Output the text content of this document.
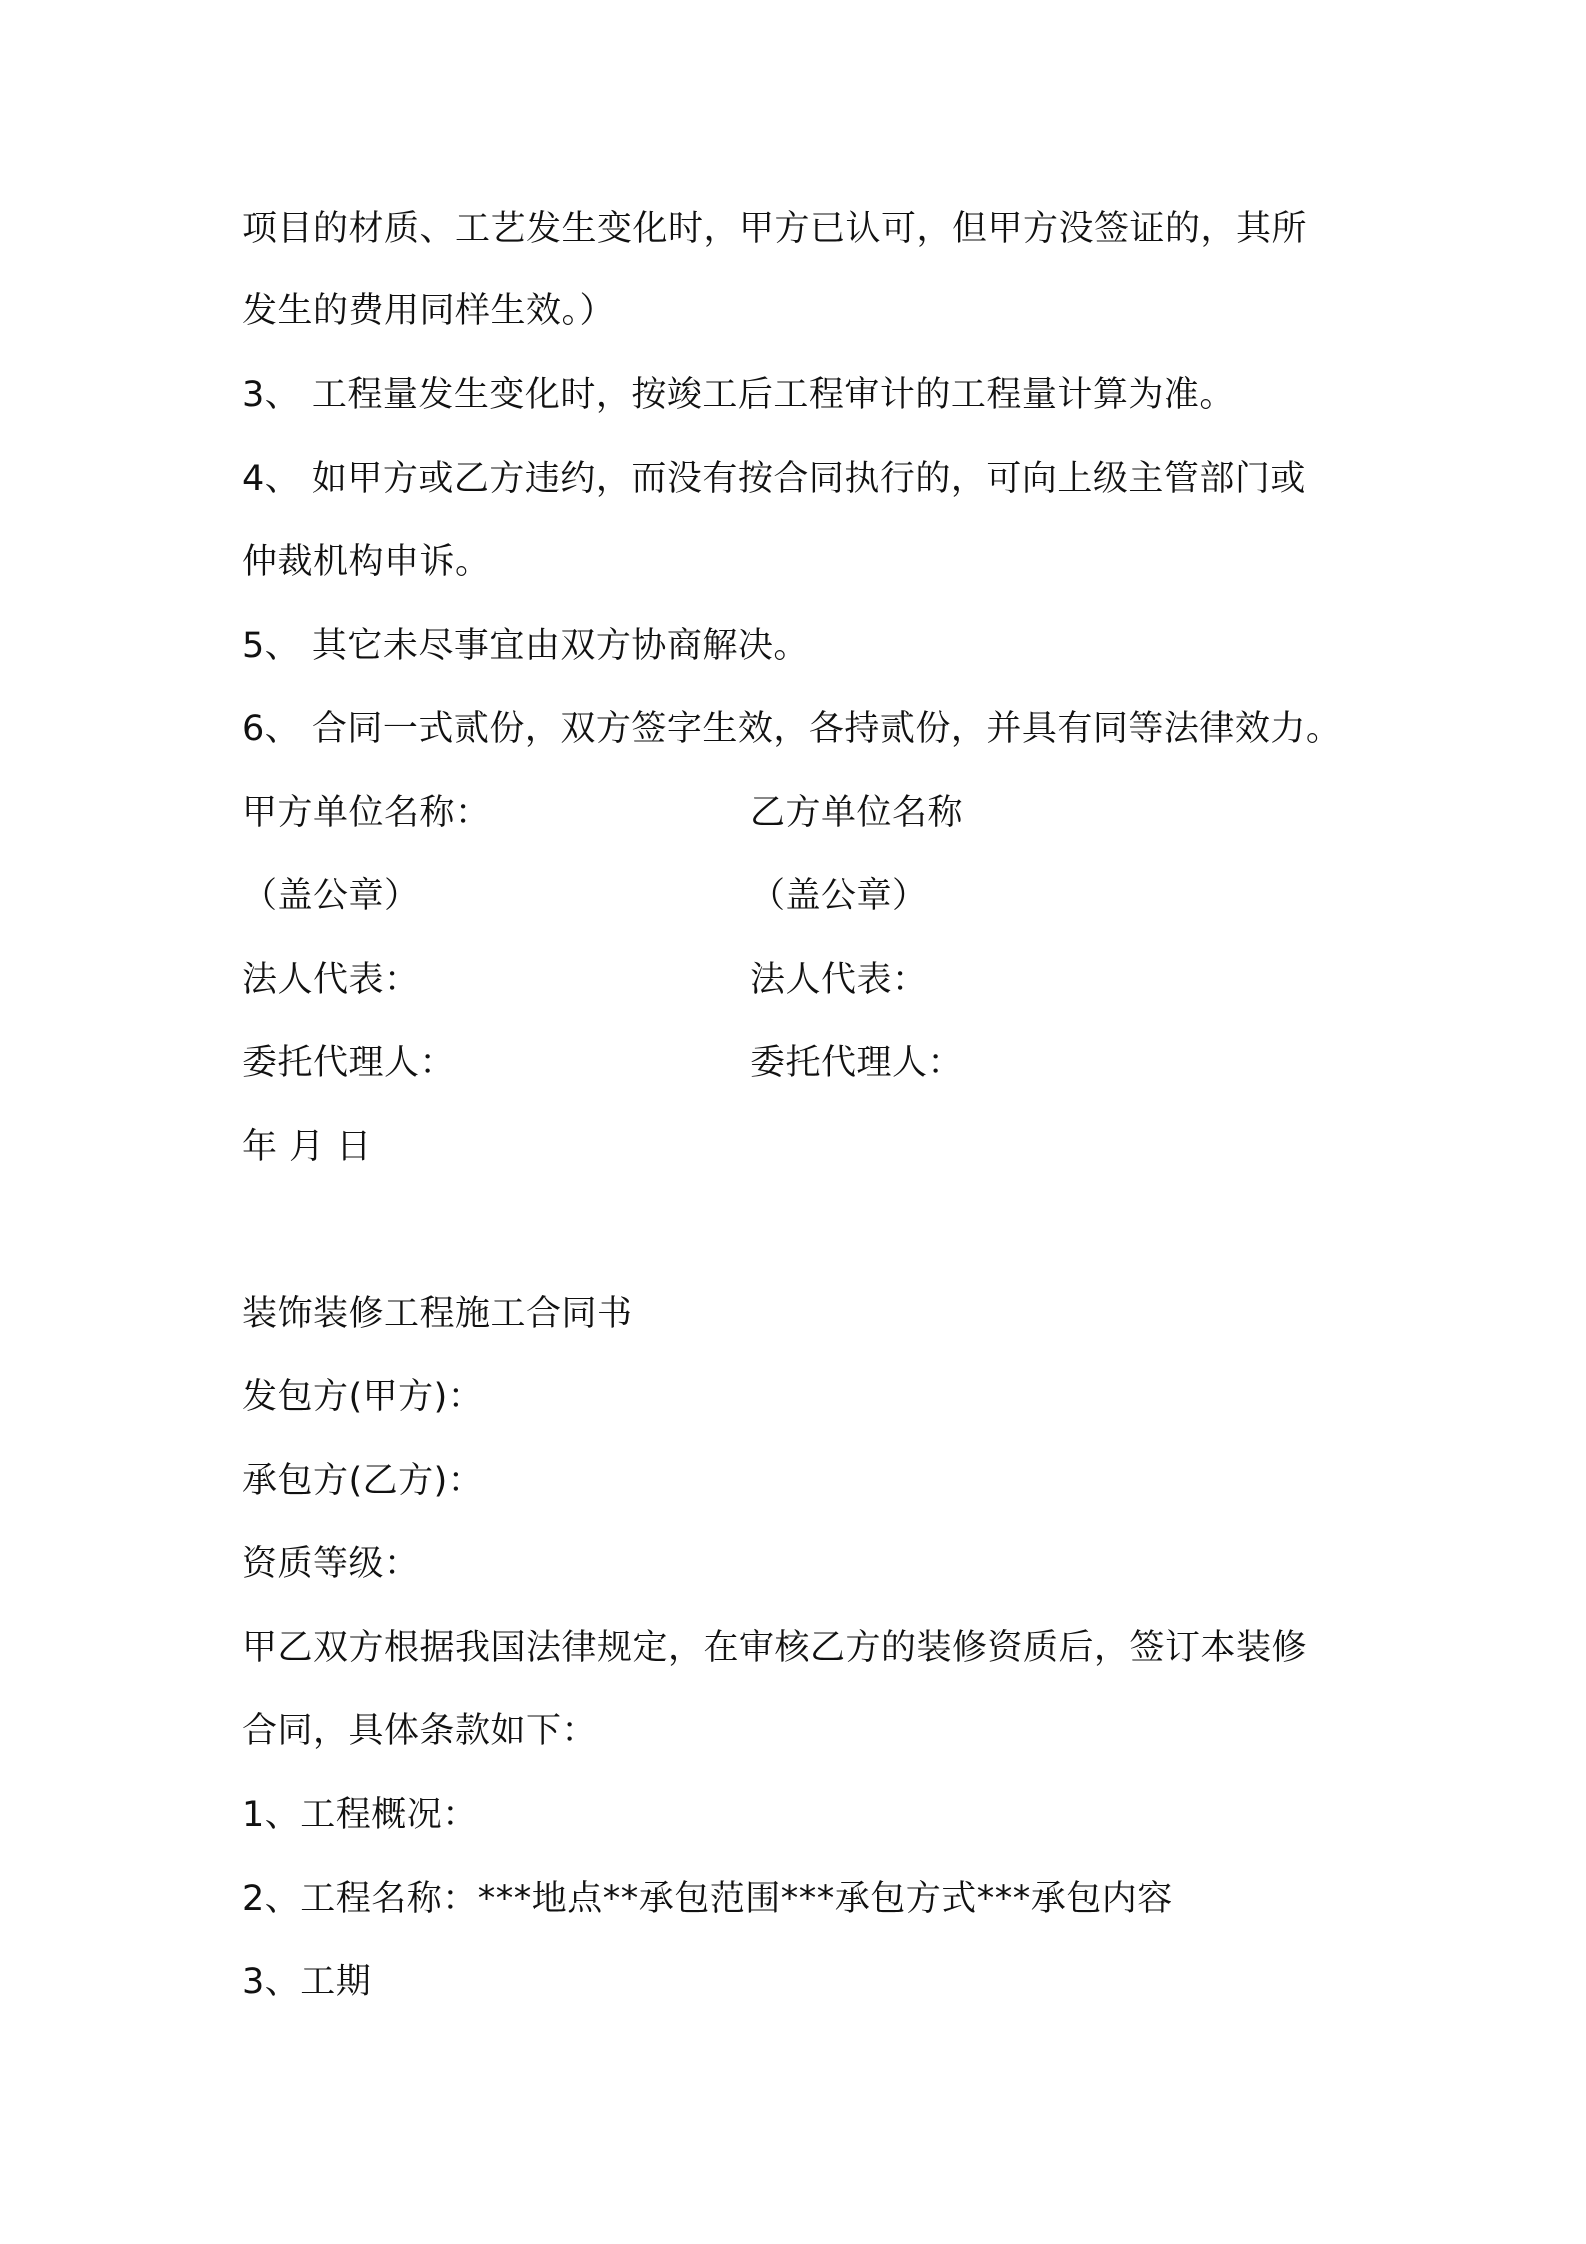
项目的材质、工艺发生变化时，甲方已认可，但甲方没签证的，其所
发生的费用同样生效。）
3、 工程量发生变化时，按竣工后工程审计的工程量计算为准。
4、 如甲方或乙方违约，而没有按合同执行的，可向上级主管部门或
仲裁机构申诉。
5、 其它未尽事宜由双方协商解决。
6、 合同一式贰份，双方签字生效，各持贰份，并具有同等法律效力。
甲方单位名称：	乙方单位名称
（盖公章）	（盖公章）
法人代表：	法人代表：
委托代理人：	委托代理人：
年 月 日
装饰装修工程施工合同书
发包方(甲方)：
承包方(乙方)：
资质等级：
甲乙双方根据我国法律规定，在审核乙方的装修资质后，签订本装修
合同，具体条款如下：
1、工程概况：
2、工程名称：***地点**承包范围***承包方式***承包内容
3、工期
